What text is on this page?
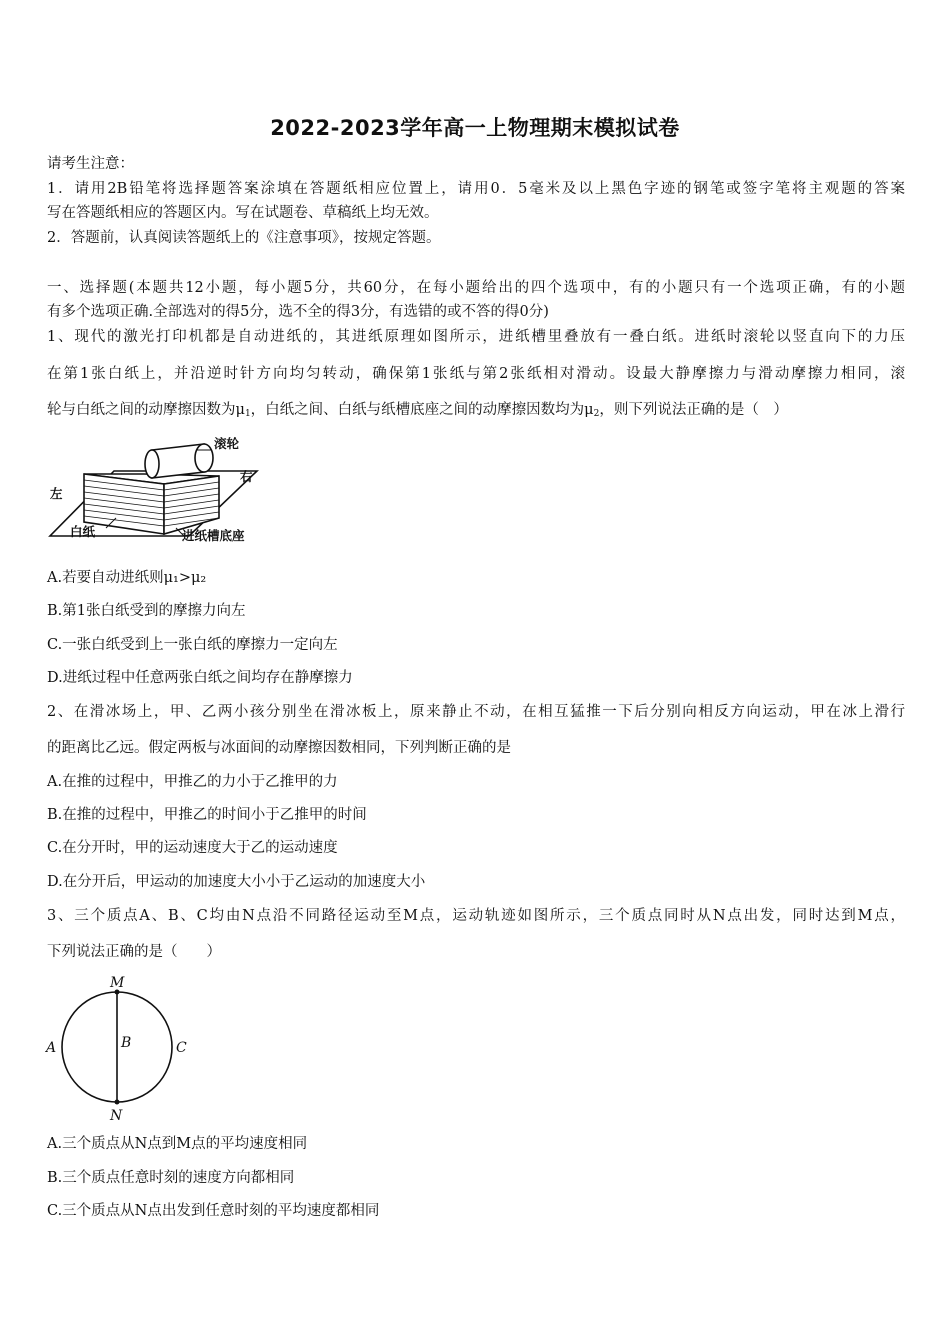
2022-2023学年高一上物理期末模拟试卷
请考生注意：
1．请用2B铅笔将选择题答案涂填在答题纸相应位置上，请用0．5毫米及以上黑色字迹的钢笔或签字笔将主观题的答案
写在答题纸相应的答题区内。写在试题卷、草稿纸上均无效。
2．答题前，认真阅读答题纸上的《注意事项》，按规定答题。
一、选择题(本题共12小题，每小题5分，共60分，在每小题给出的四个选项中，有的小题只有一个选项正确，有的小题
有多个选项正确.全部选对的得5分，选不全的得3分，有选错的或不答的得0分)
1、现代的激光打印机都是自动进纸的，其进纸原理如图所示，进纸槽里叠放有一叠白纸。进纸时滚轮以竖直向下的力压
在第1张白纸上，并沿逆时针方向均匀转动，确保第1张纸与第2张纸相对滑动。设最大静摩擦力与滑动摩擦力相同，滚
轮与白纸之间的动摩擦因数为$\mu_1$，白纸之间、白纸与纸槽底座之间的动摩擦因数均为$\mu_2$，则下列说法正确的是（　）
滚轮
右
左
白纸	进纸槽底座
A.若要自动进纸则μ₁>μ₂
B.第1张白纸受到的摩擦力向左
C.一张白纸受到上一张白纸的摩擦力一定向左
D.进纸过程中任意两张白纸之间均存在静摩擦力
2、在滑冰场上，甲、乙两小孩分别坐在滑冰板上，原来静止不动，在相互猛推一下后分别向相反方向运动，甲在冰上滑行
的距离比乙远。假定两板与冰面间的动摩擦因数相同，下列判断正确的是
A.在推的过程中，甲推乙的力小于乙推甲的力
B.在推的过程中，甲推乙的时间小于乙推甲的时间
C.在分开时，甲的运动速度大于乙的运动速度
D.在分开后，甲运动的加速度大小小于乙运动的加速度大小
3、三个质点A、B、C均由N点沿不同路径运动至M点，运动轨迹如图所示，三个质点同时从N点出发，同时达到M点，
下列说法正确的是（　　）
M
N
A	B	C
A.三个质点从N点到M点的平均速度相同
B.三个质点任意时刻的速度方向都相同
C.三个质点从N点出发到任意时刻的平均速度都相同
